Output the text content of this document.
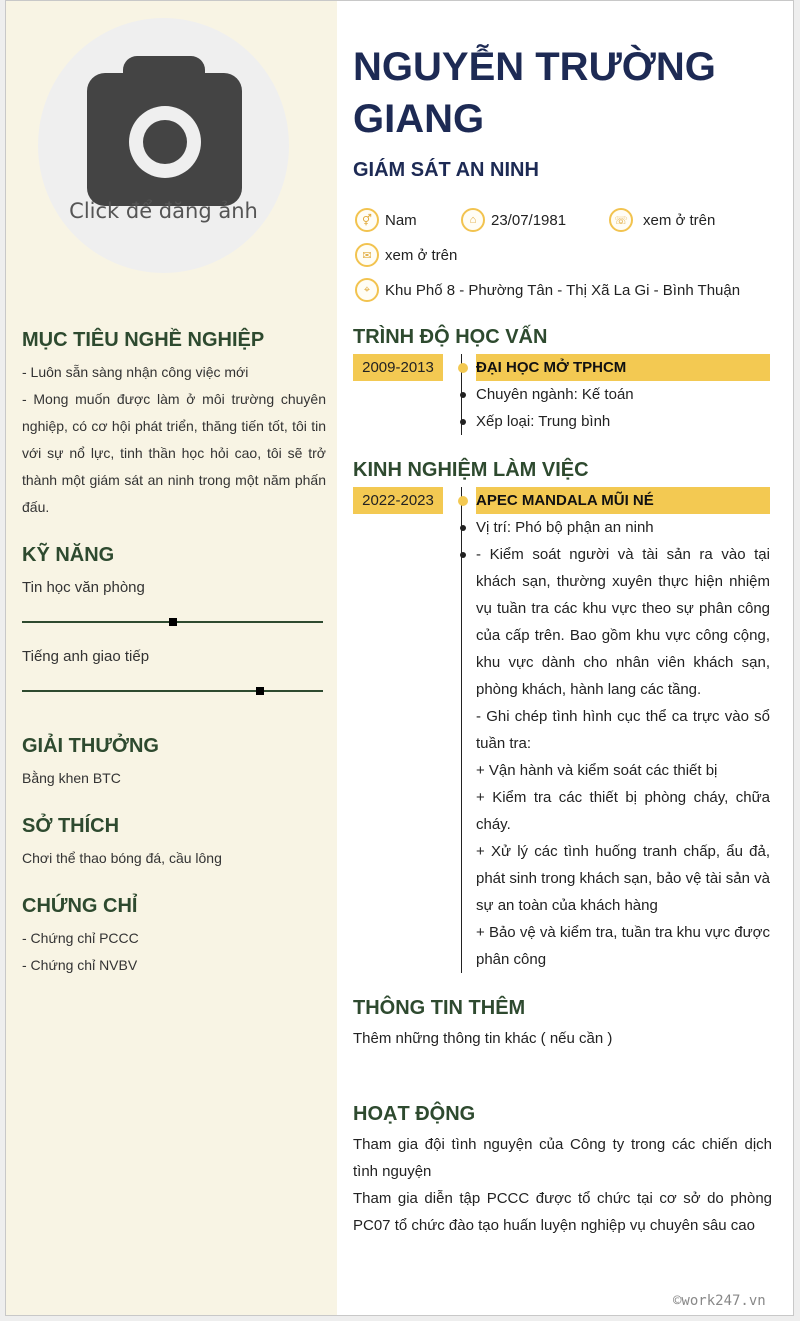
Click để đăng ảnh
MỤC TIÊU NGHỀ NGHIỆP

- Luôn sẵn sàng nhận công việc mới

- Mong muốn được làm ở môi trường chuyên nghiệp, có cơ hội phát triển, thăng tiến tốt, tôi tin với sự nổ lực, tinh thần học hỏi cao, tôi sẽ trở thành một giám sát an ninh trong một năm phấn đấu.

KỸ NĂNG
Tin học văn phòng
Tiếng anh giao tiếp
GIẢI THƯỞNG

Bằng khen BTC

SỞ THÍCH

Chơi thể thao bóng đá, cầu lông

CHỨNG CHỈ

- Chứng chỉ PCCC

- Chứng chỉ NVBV

NGUYỄN TRƯỜNG GIANG
GIÁM SÁT AN NINH
⚥ Nam	⌂ 23/07/1981	☏	xem ở trên
✉ xem ở trên
⌖ Khu Phố 8 - Phường Tân - Thị Xã La Gi - Bình Thuận
TRÌNH ĐỘ HỌC VẤN
2009-2013	ĐẠI HỌC MỞ TPHCM

Chuyên ngành: Kế toán

Xếp loại: Trung bình

KINH NGHIỆM LÀM VIỆC
2022-2023	APEC MANDALA MŨI NÉ

Vị trí: Phó bộ phận an ninh

- Kiểm soát người và tài sản ra vào tại khách sạn, thường xuyên thực hiện nhiệm vụ tuần tra các khu vực theo sự phân công của cấp trên. Bao gồm khu vực công cộng, khu vực dành cho nhân viên khách sạn, phòng khách, hành lang các tầng.

- Ghi chép tình hình cục thể ca trực vào sổ tuần tra:

+ Vận hành và kiểm soát các thiết bị

+ Kiểm tra các thiết bị phòng cháy, chữa cháy.

+ Xử lý các tình huống tranh chấp, ẩu đả, phát sinh trong khách sạn, bảo vệ tài sản và sự an toàn của khách hàng

+ Bảo vệ và kiểm tra, tuần tra khu vực được phân công

THÔNG TIN THÊM

Thêm những thông tin khác ( nếu cần )

HOẠT ĐỘNG

Tham gia đội tình nguyện của Công ty trong các chiến dịch tình nguyện

Tham gia diễn tập PCCC được tổ chức tại cơ sở do phòng PC07 tổ chức đào tạo huấn luyện nghiệp vụ chuyên sâu cao

©work247.vn
